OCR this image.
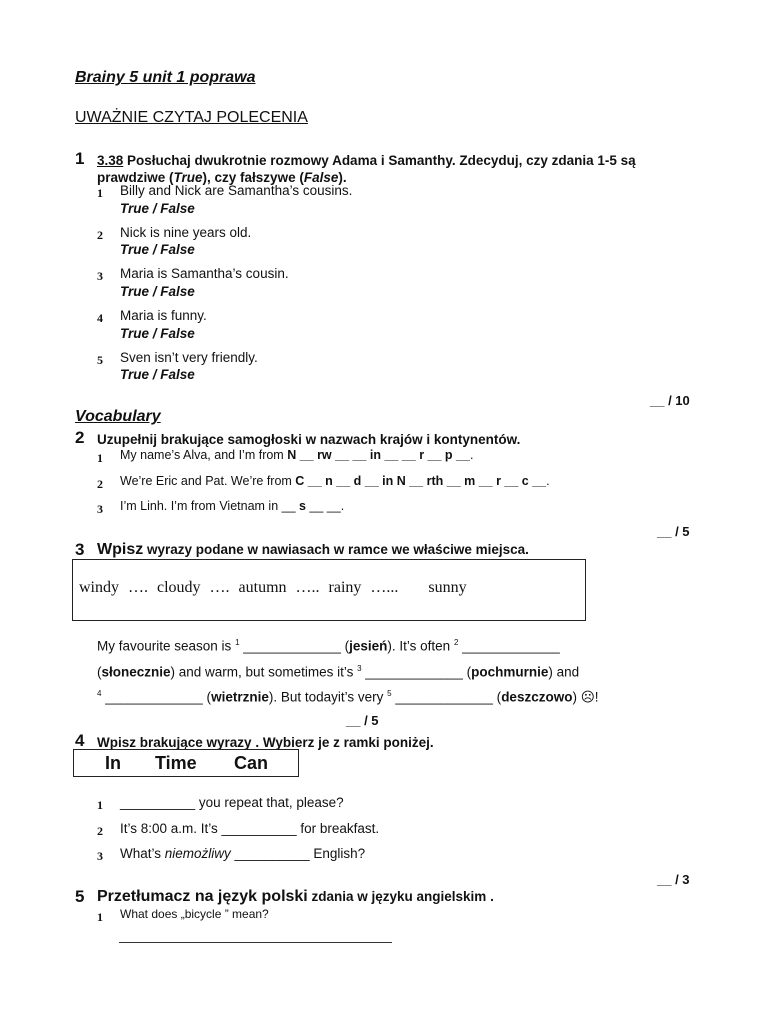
Brainy 5 unit 1 poprawa
UWAŻNIE CZYTAJ POLECENIA
1 3.38 Posłuchaj dwukrotnie rozmowy Adama i Samanthy. Zdecyduj, czy zdania 1-5 są
prawdziwe (True), czy fałszywe (False).
1 Billy and Nick are Samantha’s cousins.
True / False
2 Nick is nine years old.
True / False
3 Maria is Samantha’s cousin.
True / False
4 Maria is funny.
True / False
5 Sven isn’t very friendly.
True / False
__ / 10
Vocabulary
2 Uzupełnij brakujące samogłoski w nazwach krajów i kontynentów.
1 My name’s Alva, and I’m from N __ rw __ __ in __ __ r __ p __.
2 We’re Eric and Pat. We’re from C __ n __ d __ in N __ rth __ m __ r __ c __.
3 I’m Linh. I’m from Vietnam in __ s __ __.
__ / 5
3 Wpisz wyrazy podane w nawiasach w ramce we właściwe miejsca.
windy …. cloudy …. autumn ….. rainy …... sunny
My favourite season is $^1$ _____________ (jesień). It’s often $^2$ _____________
(słonecznie) and warm, but sometimes it’s $^3$ _____________ (pochmurnie) and
$^4$ _____________ (wietrznie). But todayit’s very $^5$ _____________ (deszczowo) ☹!
__ / 5
4 Wpisz brakujące wyrazy . Wybierz je z ramki poniżej.
In Time Can
1 __________ you repeat that, please?
2 It’s 8:00 a.m. It’s __________ for breakfast.
3 What’s niemożliwy __________ English?
__ / 3
5 Przetłumacz na język polski zdania w języku angielskim .
1 What does „bicycle ” mean?
